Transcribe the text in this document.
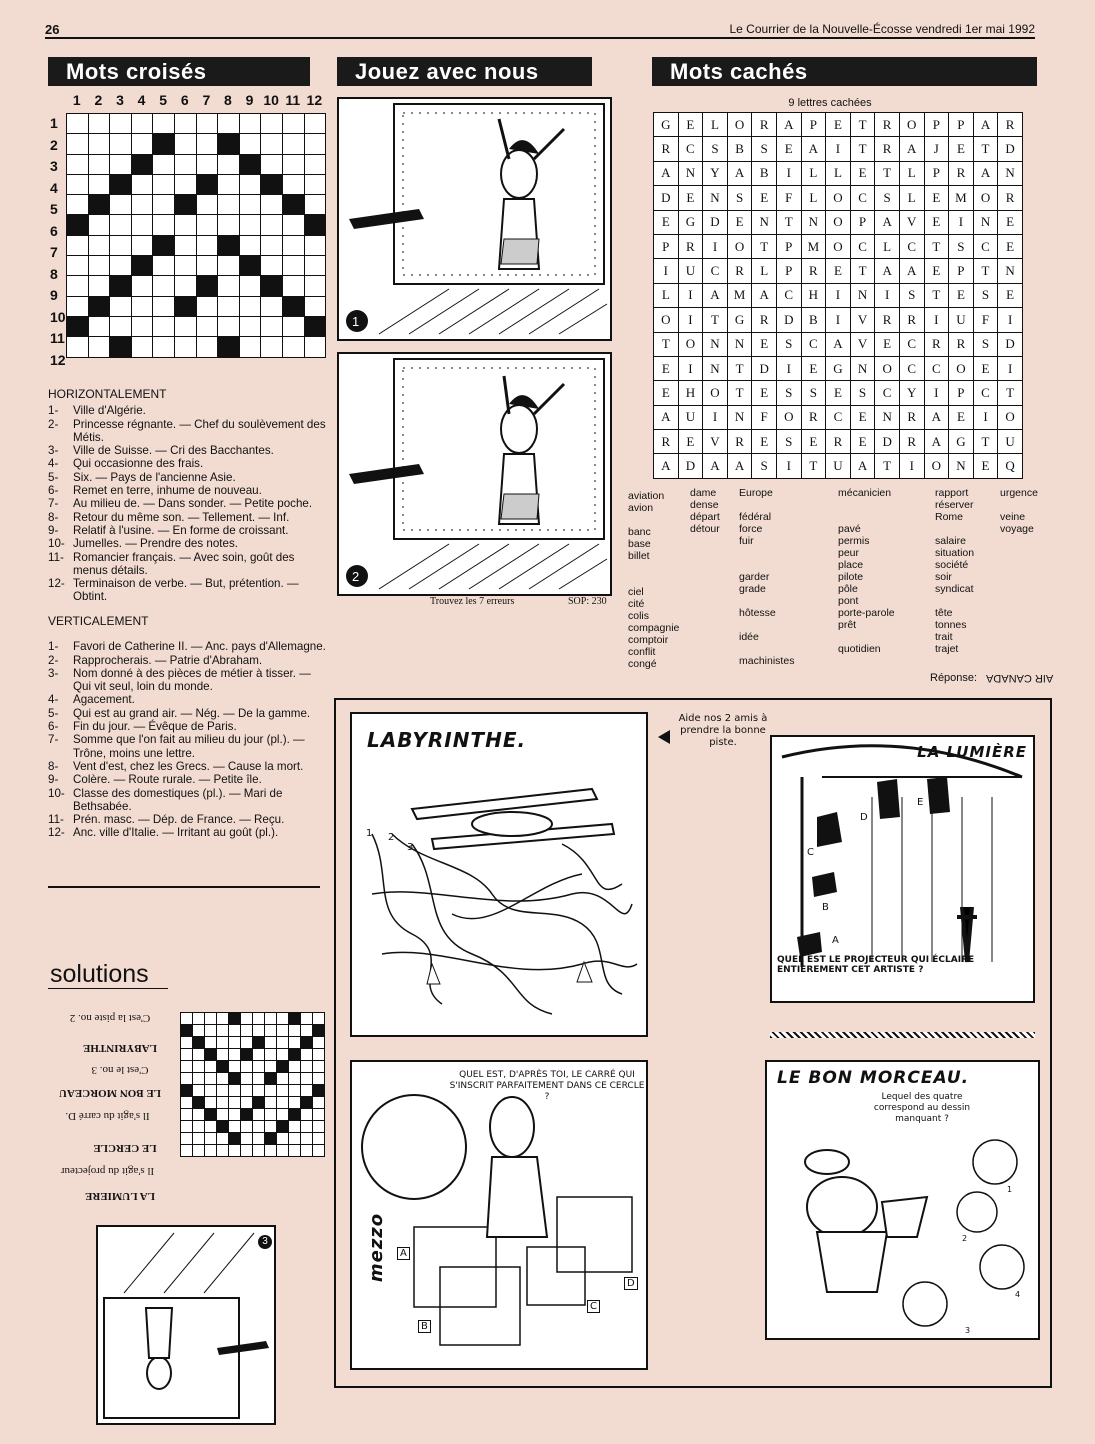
26	Le Courrier de la Nouvelle-Écosse vendredi 1er mai 1992
Mots croisés	Jouez avec nous	Mots cachés
1 2 3 4 5 6 7 8 9 10 11 12
1
2
3
4
5
6
7
8
9
10
11
12

HORIZONTALEMENT
1-	Ville d'Algérie.
2-	Princesse régnante. — Chef du soulèvement des Métis.
3-	Ville de Suisse. — Cri des Bacchantes.
4-	Qui occasionne des frais.
5-	Six. — Pays de l'ancienne Asie.
6-	Remet en terre, inhume de nouveau.
7-	Au milieu de. — Dans sonder. — Petite poche.
8-	Retour du même son. — Tellement. — Inf.
9-	Relatif à l'usine. — En forme de croissant.
10- Jumelles. — Prendre des notes.
11- Romancier français. — Avec soin, goût des menus détails.
12- Terminaison de verbe. — But, prétention. — Obtint.
VERTICALEMENT
1-	Favori de Catherine II. — Anc. pays d'Allemagne.
2-	Rapprocherais. — Patrie d'Abraham.
3-	Nom donné à des pièces de métier à tisser. — Qui vit seul, loin du monde.
4-	Agacement.
5-	Qui est au grand air. — Nég. — De la gamme.
6-	Fin du jour. — Évêque de Paris.
7-	Somme que l'on fait au milieu du jour (pl.). — Trône, moins une lettre.
8-	Vent d'est, chez les Grecs. — Cause la mort.
9-	Colère. — Route rurale. — Petite île.
10- Classe des domestiques (pl.). — Mari de Bethsabée.
11- Prén. masc. — Dép. de France. — Reçu.
12- Anc. ville d'Italie. — Irritant au goût (pl.).
1
2
Trouvez les 7 erreurs	SOP: 230
9 lettres cachées
G	E	L	O	R	A	P	E	T	R	O	P	P	A	R
R	C	S	B	S	E	A	I	T	R	A	J	E	T	D
A	N	Y	A	B	I	L	L	E	T	L	P	R	A	N
D	E	N	S	E	F	L	O	C	S	L	E	M	O	R
E	G	D	E	N	T	N	O	P	A	V	E	I	N	E
P	R	I	O	T	P	M	O	C	L	C	T	S	C	E
I	U	C	R	L	P	R	E	T	A	A	E	P	T	N
L	I	A	M	A	C	H	I	N	I	S	T	E	S	E
O	I	T	G	R	D	B	I	V	R	R	I	U	F	I
T	O	N	N	E	S	C	A	V	E	C	R	R	S	D
E	I	N	T	D	I	E	G	N	O	C	C	O	E	I
E	H	O	T	E	S	S	E	S	C	Y	I	P	C	T
A	U	I	N	F	O	R	C	E	N	R	A	E	I	O
R	E	V	R	E	S	E	R	E	D	R	A	G	T	U
A	D	A	A	S	I	T	U	A	T	I	O	N	E	Q
aviation
avion
banc
base
billet
ciel
cité
colis
compagnie
comptoir
conflit
congé
dame
dense
départ
détour
Europe
fédéral
force
fuir
garder
grade
hôtesse
idée
machinistes
mécanicien
pavé
permis
peur
place
pilote
pôle
pont
porte-parole
prêt
quotidien
rapport
réserver
Rome
salaire
situation
société
soir
syndicat
tête
tonnes
trait
trajet
urgence
veine
voyage
Réponse: AIR CANADA
LABYRINTHE.
1 2
3
Aide nos 2 amis à prendre la bonne piste.
LA LUMIÈRE
QUEL EST LE PROJECTEUR QUI ÉCLAIRE ENTIÈREMENT CET ARTISTE ?
A
B
C
D
E
QUEL EST, D'APRÈS TOI, LE CARRÉ QUI S'INSCRIT PARFAITEMENT DANS CE CERCLE ?
A
B
C
D
mezzo
LE BON MORCEAU.
Lequel des quatre correspond au dessin manquant ?
1
2
3
4
solutions

C'est la piste no. 2
LABYRINTHE
C'est le no. 3
LE BON MORCEAU
Il s'agit du carré D.
LE CERCLE
Il s'agit du projecteur
LA LUMIERE
3
